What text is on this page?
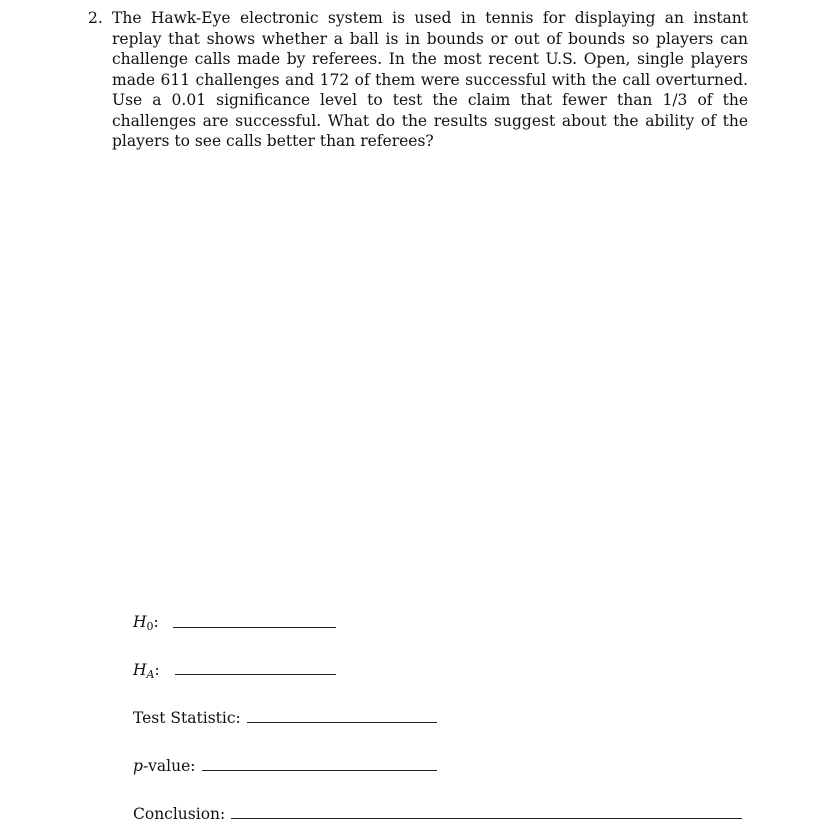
2. The Hawk-Eye electronic system is used in tennis for displaying an instant replay that shows whether a ball is in bounds or out of bounds so players can challenge calls made by referees. In the most recent U.S. Open, single players made 611 challenges and 172 of them were successful with the call overturned. Use a 0.01 significance level to test the claim that fewer than 1/3 of the challenges are successful. What do the results suggest about the ability of the players to see calls better than referees?
$H_0$:
$H_A$:
Test Statistic:
p-value:
Conclusion:
